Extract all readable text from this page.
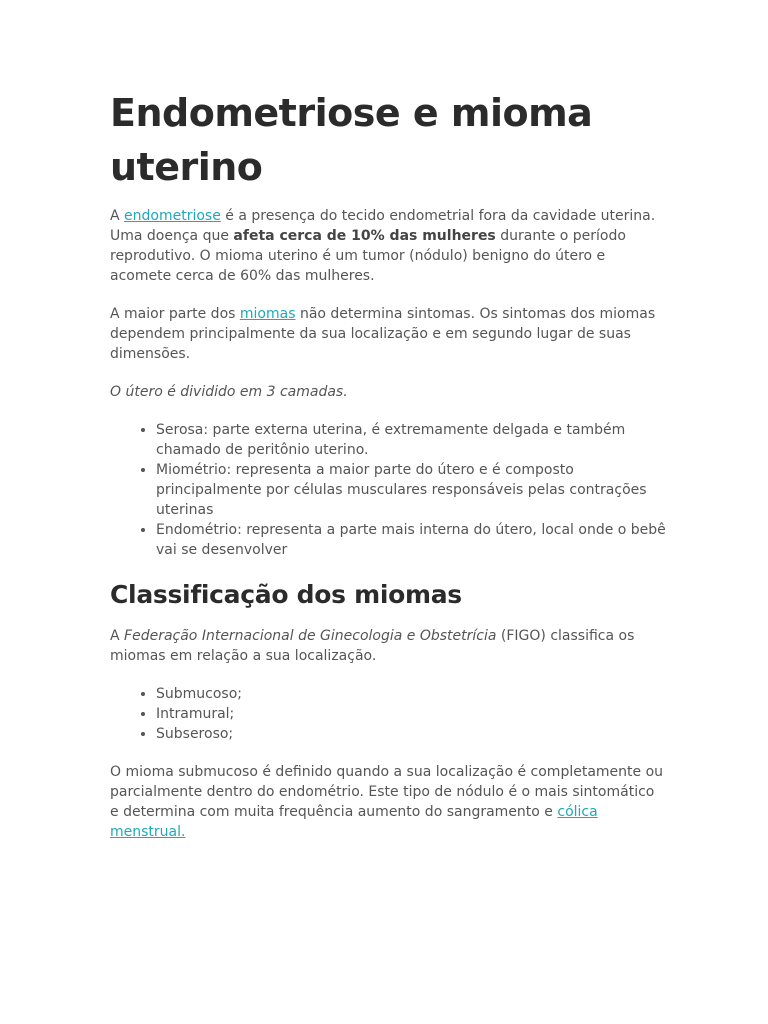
Endometriose e mioma uterino

A endometriose é a presença do tecido endometrial fora da cavidade uterina. Uma doença que afeta cerca de 10% das mulheres durante o período reprodutivo. O mioma uterino é um tumor (nódulo) benigno do útero e acomete cerca de 60% das mulheres.

A maior parte dos miomas não determina sintomas. Os sintomas dos miomas dependem principalmente da sua localização e em segundo lugar de suas dimensões.

O útero é dividido em 3 camadas.

• Serosa: parte externa uterina, é extremamente delgada e também chamado de peritônio uterino.
• Miométrio: representa a maior parte do útero e é composto principalmente por células musculares responsáveis pelas contrações uterinas
• Endométrio: representa a parte mais interna do útero, local onde o bebê vai se desenvolver
Classificação dos miomas

A Federação Internacional de Ginecologia e Obstetrícia (FIGO) classifica os miomas em relação a sua localização.

• Submucoso;
• Intramural;
• Subseroso;

O mioma submucoso é definido quando a sua localização é completamente ou parcialmente dentro do endométrio. Este tipo de nódulo é o mais sintomático e determina com muita frequência aumento do sangramento e cólica menstrual.
